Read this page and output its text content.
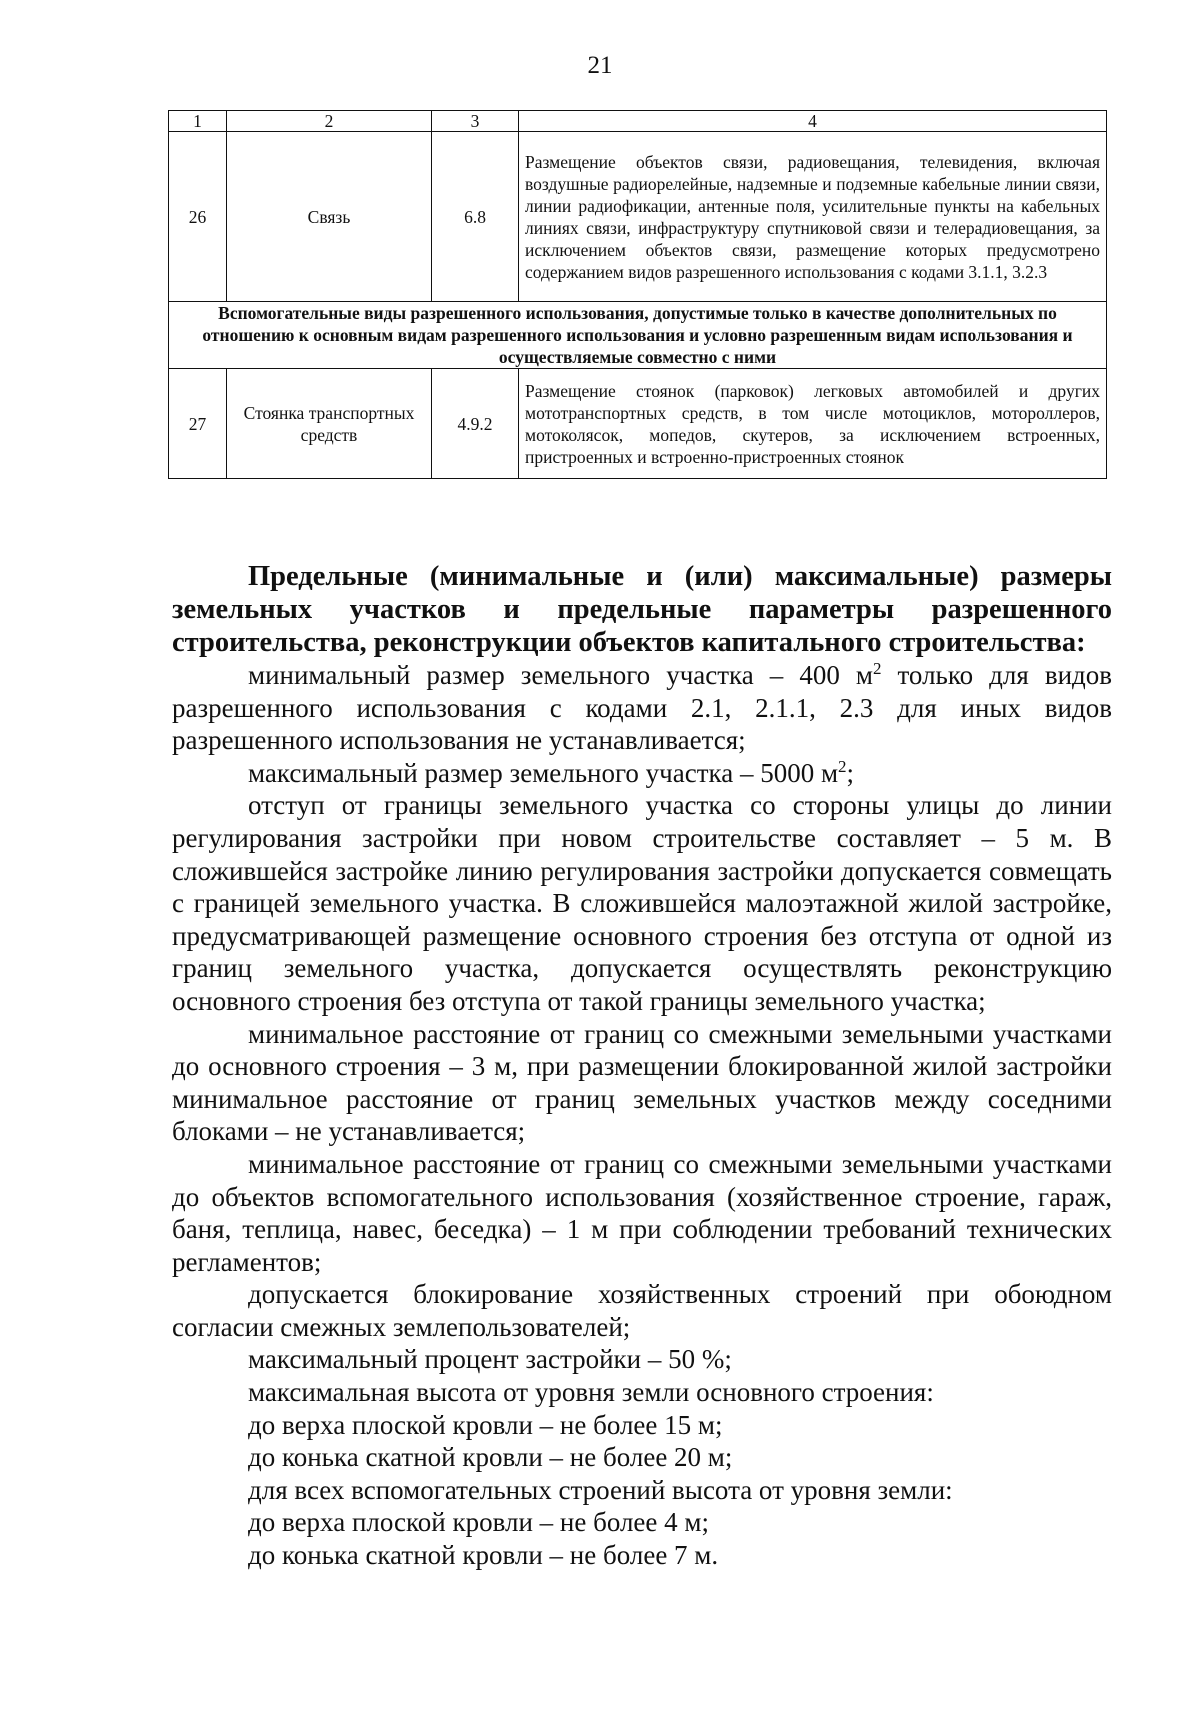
21
1	2	3	4
26	Связь	6.8	Размещение объектов связи, радиовещания, телевидения, включая воздушные радиорелейные, надземные и подземные кабельные линии связи, линии радиофикации, антенные поля, усилительные пункты на кабельных линиях связи, инфраструктуру спутниковой связи и телерадиовещания, за исключением объектов связи, размещение которых предусмотрено содержанием видов разрешенного использования с кодами 3.1.1, 3.2.3
Вспомогательные виды разрешенного использования, допустимые только в качестве дополнительных по отношению к основным видам разрешенного использования и условно разрешенным видам использования и осуществляемые совместно с ними			
27	Стоянка транспортных средств	4.9.2	Размещение стоянок (парковок) легковых автомобилей и других мототранспортных средств, в том числе мотоциклов, мотороллеров, мотоколясок, мопедов, скутеров, за исключением встроенных, пристроенных и встроенно-пристроенных стоянок

Предельные (минимальные и (или) максимальные) размеры земельных участков и предельные параметры разрешенного
строительства, реконструкции объектов капитального строительства:

минимальный размер земельного участка – 400 $м^2$ только для видов разрешенного использования с кодами 2.1, 2.1.1, 2.3 для иных видов разрешенного использования не устанавливается;

максимальный размер земельного участка – 5000 $м^2$;

отступ от границы земельного участка со стороны улицы до линии регулирования застройки при новом строительстве составляет – 5 м. В сложившейся застройке линию регулирования застройки допускается совмещать с границей земельного участка. В сложившейся малоэтажной жилой застройке, предусматривающей размещение основного строения без отступа от одной из границ земельного участка, допускается осуществлять реконструкцию основного строения без отступа от такой границы земельного участка;

минимальное расстояние от границ со смежными земельными участками до основного строения – 3 м, при размещении блокированной жилой застройки минимальное расстояние от границ земельных участков между соседними блоками – не устанавливается;

минимальное расстояние от границ со смежными земельными участками до объектов вспомогательного использования (хозяйственное строение, гараж, баня, теплица, навес, беседка) – 1 м при соблюдении требований технических регламентов;

допускается блокирование хозяйственных строений при обоюдном согласии смежных землепользователей;

максимальный процент застройки – 50 %;

максимальная высота от уровня земли основного строения:

до верха плоской кровли – не более 15 м;

до конька скатной кровли – не более 20 м;

для всех вспомогательных строений высота от уровня земли:

до верха плоской кровли – не более 4 м;

до конька скатной кровли – не более 7 м.
